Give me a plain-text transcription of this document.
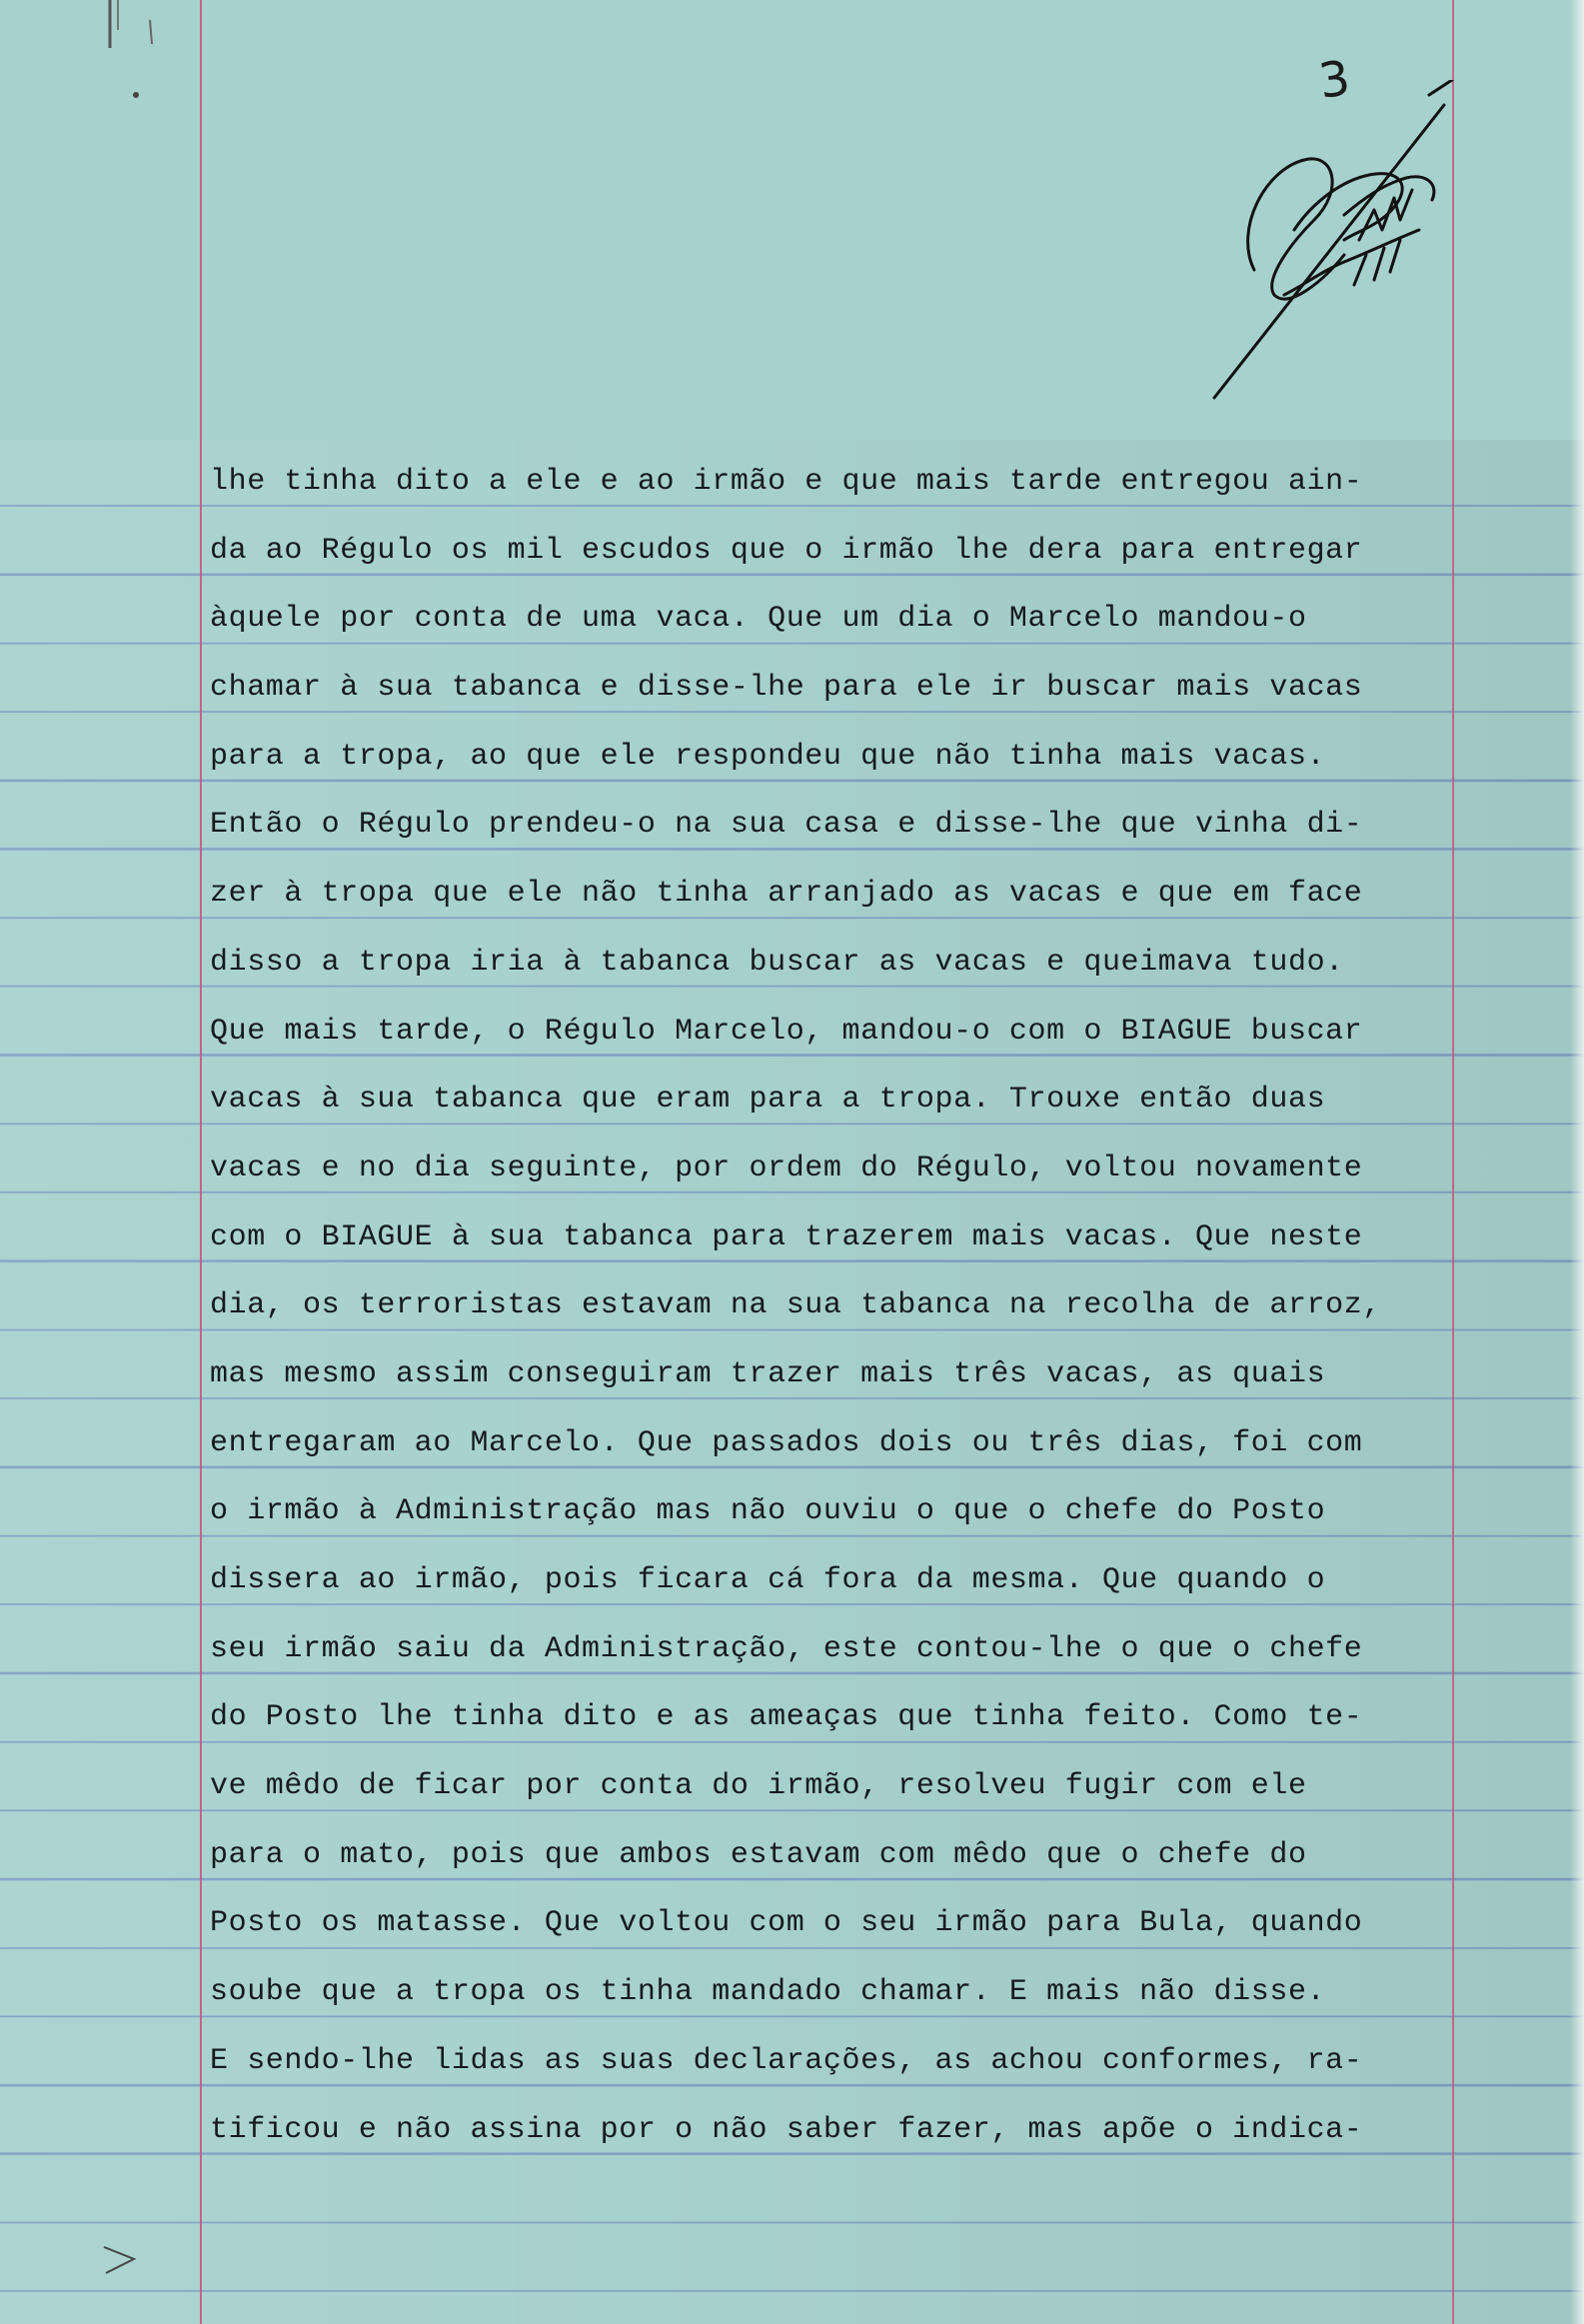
3
lhe tinha dito a ele e ao irmão e que mais tarde entregou ain-
da ao Régulo os mil escudos que o irmão lhe dera para entregar
àquele por conta de uma vaca. Que um dia o Marcelo mandou-o
chamar à sua tabanca e disse-lhe para ele ir buscar mais vacas
para a tropa, ao que ele respondeu que não tinha mais vacas.
Então o Régulo prendeu-o na sua casa e disse-lhe que vinha di-
zer à tropa que ele não tinha arranjado as vacas e que em face
disso a tropa iria à tabanca buscar as vacas e queimava tudo.
Que mais tarde, o Régulo Marcelo, mandou-o com o BIAGUE buscar
vacas à sua tabanca que eram para a tropa. Trouxe então duas
vacas e no dia seguinte, por ordem do Régulo, voltou novamente
com o BIAGUE à sua tabanca para trazerem mais vacas. Que neste
dia, os terroristas estavam na sua tabanca na recolha de arroz,
mas mesmo assim conseguiram trazer mais três vacas, as quais
entregaram ao Marcelo. Que passados dois ou três dias, foi com
o irmão à Administração mas não ouviu o que o chefe do Posto
dissera ao irmão, pois ficara cá fora da mesma. Que quando o
seu irmão saiu da Administração, este contou-lhe o que o chefe
do Posto lhe tinha dito e as ameaças que tinha feito. Como te-
ve mêdo de ficar por conta do irmão, resolveu fugir com ele
para o mato, pois que ambos estavam com mêdo que o chefe do
Posto os matasse. Que voltou com o seu irmão para Bula, quando
soube que a tropa os tinha mandado chamar. E mais não disse.
E sendo-lhe lidas as suas declarações, as achou conformes, ra-
tificou e não assina por o não saber fazer, mas apõe o indica-
